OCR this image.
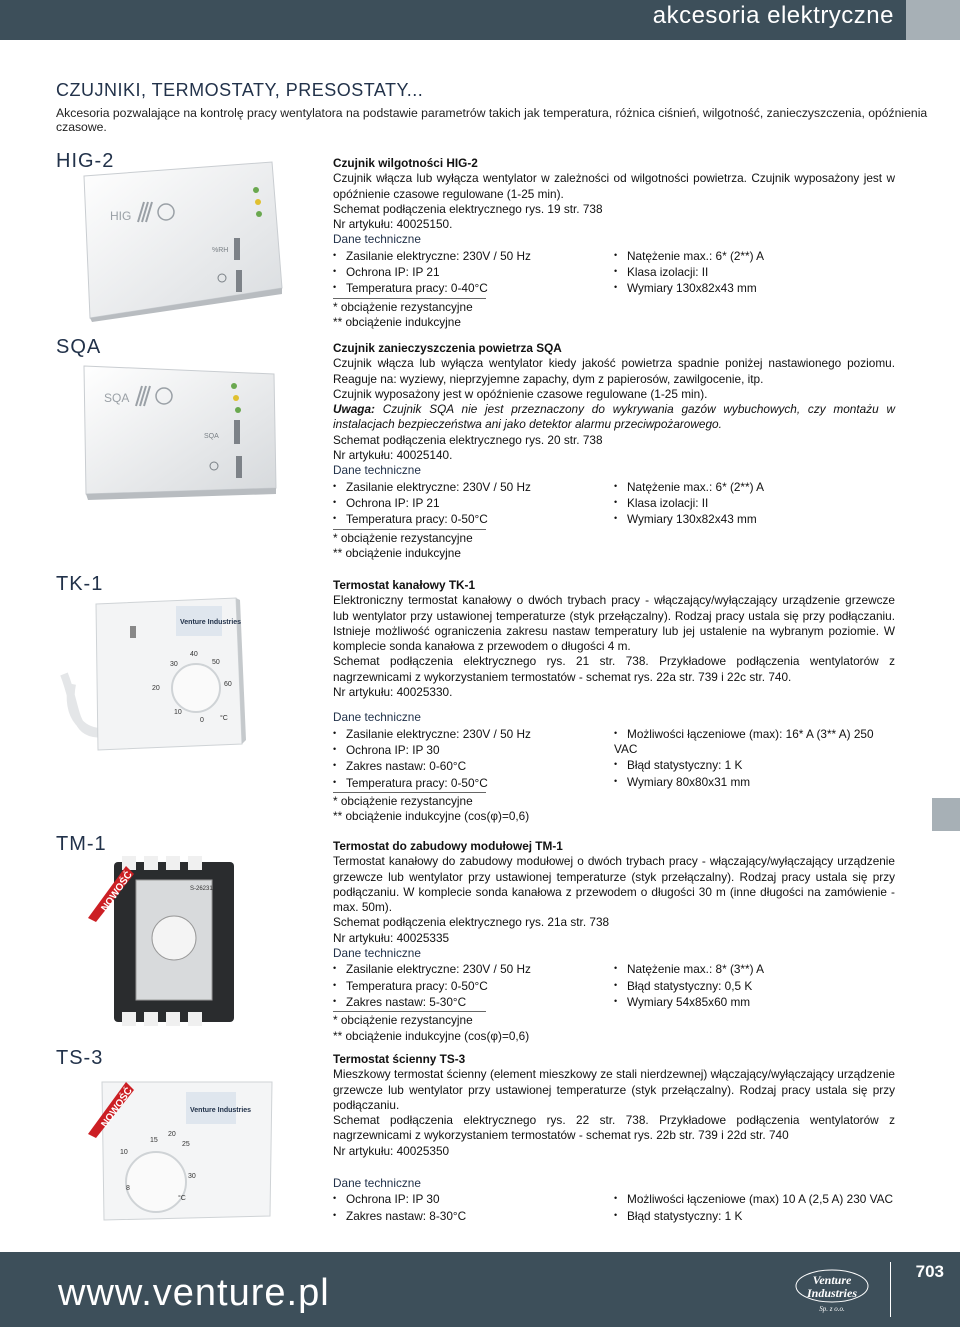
akcesoria elektryczne
CZUJNIKI, TERMOSTATY, PRESOSTATY...
Akcesoria pozwalające na kontrolę pracy wentylatora na podstawie parametrów takich jak temperatura, różnica ciśnień, wilgotność, zanieczyszczenia, opóźnienia czasowe.
HIG-2
SQA
TK-1
TM-1
TS-3
HIG
%RH
SQA
SQA
Venture Industries
30
40
50
20
60
10
0 °C
S-26231
Venture Industries
15
20
25
10
30
8
°C
NOWOŚĆ
NOWOŚĆ

Czujnik wilgotności HIG-2

Czujnik włącza lub wyłącza wentylator w zależności od wilgotności powietrza. Czujnik wyposażony jest w opóźnienie czasowe regulowane (1-25 min).

Schemat podłączenia elektrycznego rys. 19 str. 738

Nr artykułu: 40025150.

Dane techniczne

• Zasilanie elektryczne: 230V / 50 Hz
• Ochrona IP: IP 21
• Temperatura pracy: 0-40°C
• Natężenie max.: 6* (2**) A
• Klasa izolacji: II
• Wymiary 130x82x43 mm

* obciążenie rezystancyjne

** obciążenie indukcyjne

Czujnik zanieczyszczenia powietrza SQA

Czujnik włącza lub wyłącza wentylator kiedy jakość powietrza spadnie poniżej nastawionego poziomu. Reaguje na: wyziewy, nieprzyjemne zapachy, dym z papierosów, zawilgocenie, itp.

Czujnik wyposażony jest w opóźnienie czasowe regulowane (1-25 min).

Uwaga: Czujnik SQA nie jest przeznaczony do wykrywania gazów wybuchowych, czy montażu w instalacjach bezpieczeństwa ani jako detektor alarmu przeciwpożarowego.

Schemat podłączenia elektrycznego rys. 20 str. 738

Nr artykułu: 40025140.

Dane techniczne

• Zasilanie elektryczne: 230V / 50 Hz
• Ochrona IP: IP 21
• Temperatura pracy: 0-50°C
• Natężenie max.: 6* (2**) A
• Klasa izolacji: II
• Wymiary 130x82x43 mm

* obciążenie rezystancyjne

** obciążenie indukcyjne

Termostat kanałowy TK-1

Elektroniczny termostat kanałowy o dwóch trybach pracy - włączający/wyłączający urządzenie grzewcze lub wentylator przy ustawionej temperaturze (styk przełączalny). Rodzaj pracy ustala się przy podłączaniu. Istnieje możliwość ograniczenia zakresu nastaw temperatury lub jej ustalenie na wybranym poziomie. W komplecie sonda kanałowa z przewodem o długości 4 m.

Schemat podłączenia elektrycznego rys. 21 str. 738. Przykładowe podłączenia wentylatorów z nagrzewnicami z wykorzystaniem termostatów - schemat rys. 22a str. 739 i 22c str. 740.

Nr artykułu: 40025330.

Dane techniczne

• Zasilanie elektryczne: 230V / 50 Hz
• Ochrona IP: IP 30
• Zakres nastaw: 0-60°C
• Temperatura pracy: 0-50°C
• Możliwości łączeniowe (max): 16* A (3** A) 250 VAC
• Błąd statystyczny: 1 K
• Wymiary 80x80x31 mm

* obciążenie rezystancyjne

** obciążenie indukcyjne (cos(φ)=0,6)

Termostat do zabudowy modułowej TM-1

Termostat kanałowy do zabudowy modułowej o dwóch trybach pracy - włączający/wyłączający urządzenie grzewcze lub wentylator przy ustawionej temperaturze (styk przełączalny). Rodzaj pracy ustala się przy podłączaniu. W komplecie sonda kanałowa z przewodem o długości 30 m (inne długości na zamówienie - max. 50m).

Schemat podłączenia elektrycznego rys. 21a str. 738

Nr artykułu: 40025335

Dane techniczne

• Zasilanie elektryczne: 230V / 50 Hz
• Temperatura pracy: 0-50°C
• Zakres nastaw: 5-30°C
• Natężenie max.: 8* (3**) A
• Błąd statystyczny: 0,5 K
• Wymiary 54x85x60 mm

* obciążenie rezystancyjne

** obciążenie indukcyjne (cos(φ)=0,6)

Termostat ścienny TS-3

Mieszkowy termostat ścienny (element mieszkowy ze stali nierdzewnej) włączający/wyłączający urządzenie grzewcze lub wentylator przy ustawionej temperaturze (styk przełączalny). Rodzaj pracy ustala się przy podłączaniu.

Schemat podłączenia elektrycznego rys. 22 str. 738. Przykładowe podłączenia wentylatorów z nagrzewnicami z wykorzystaniem termostatów - schemat rys. 22b str. 739 i 22d str. 740

Nr artykułu: 40025350

Dane techniczne

• Ochrona IP: IP 30
• Zakres nastaw: 8-30°C
• Możliwości łączeniowe (max) 10 A (2,5 A) 230 VAC
• Błąd statystyczny: 1 K
www.venture.pl	Venture
Industries
Sp. z o.o.
703
